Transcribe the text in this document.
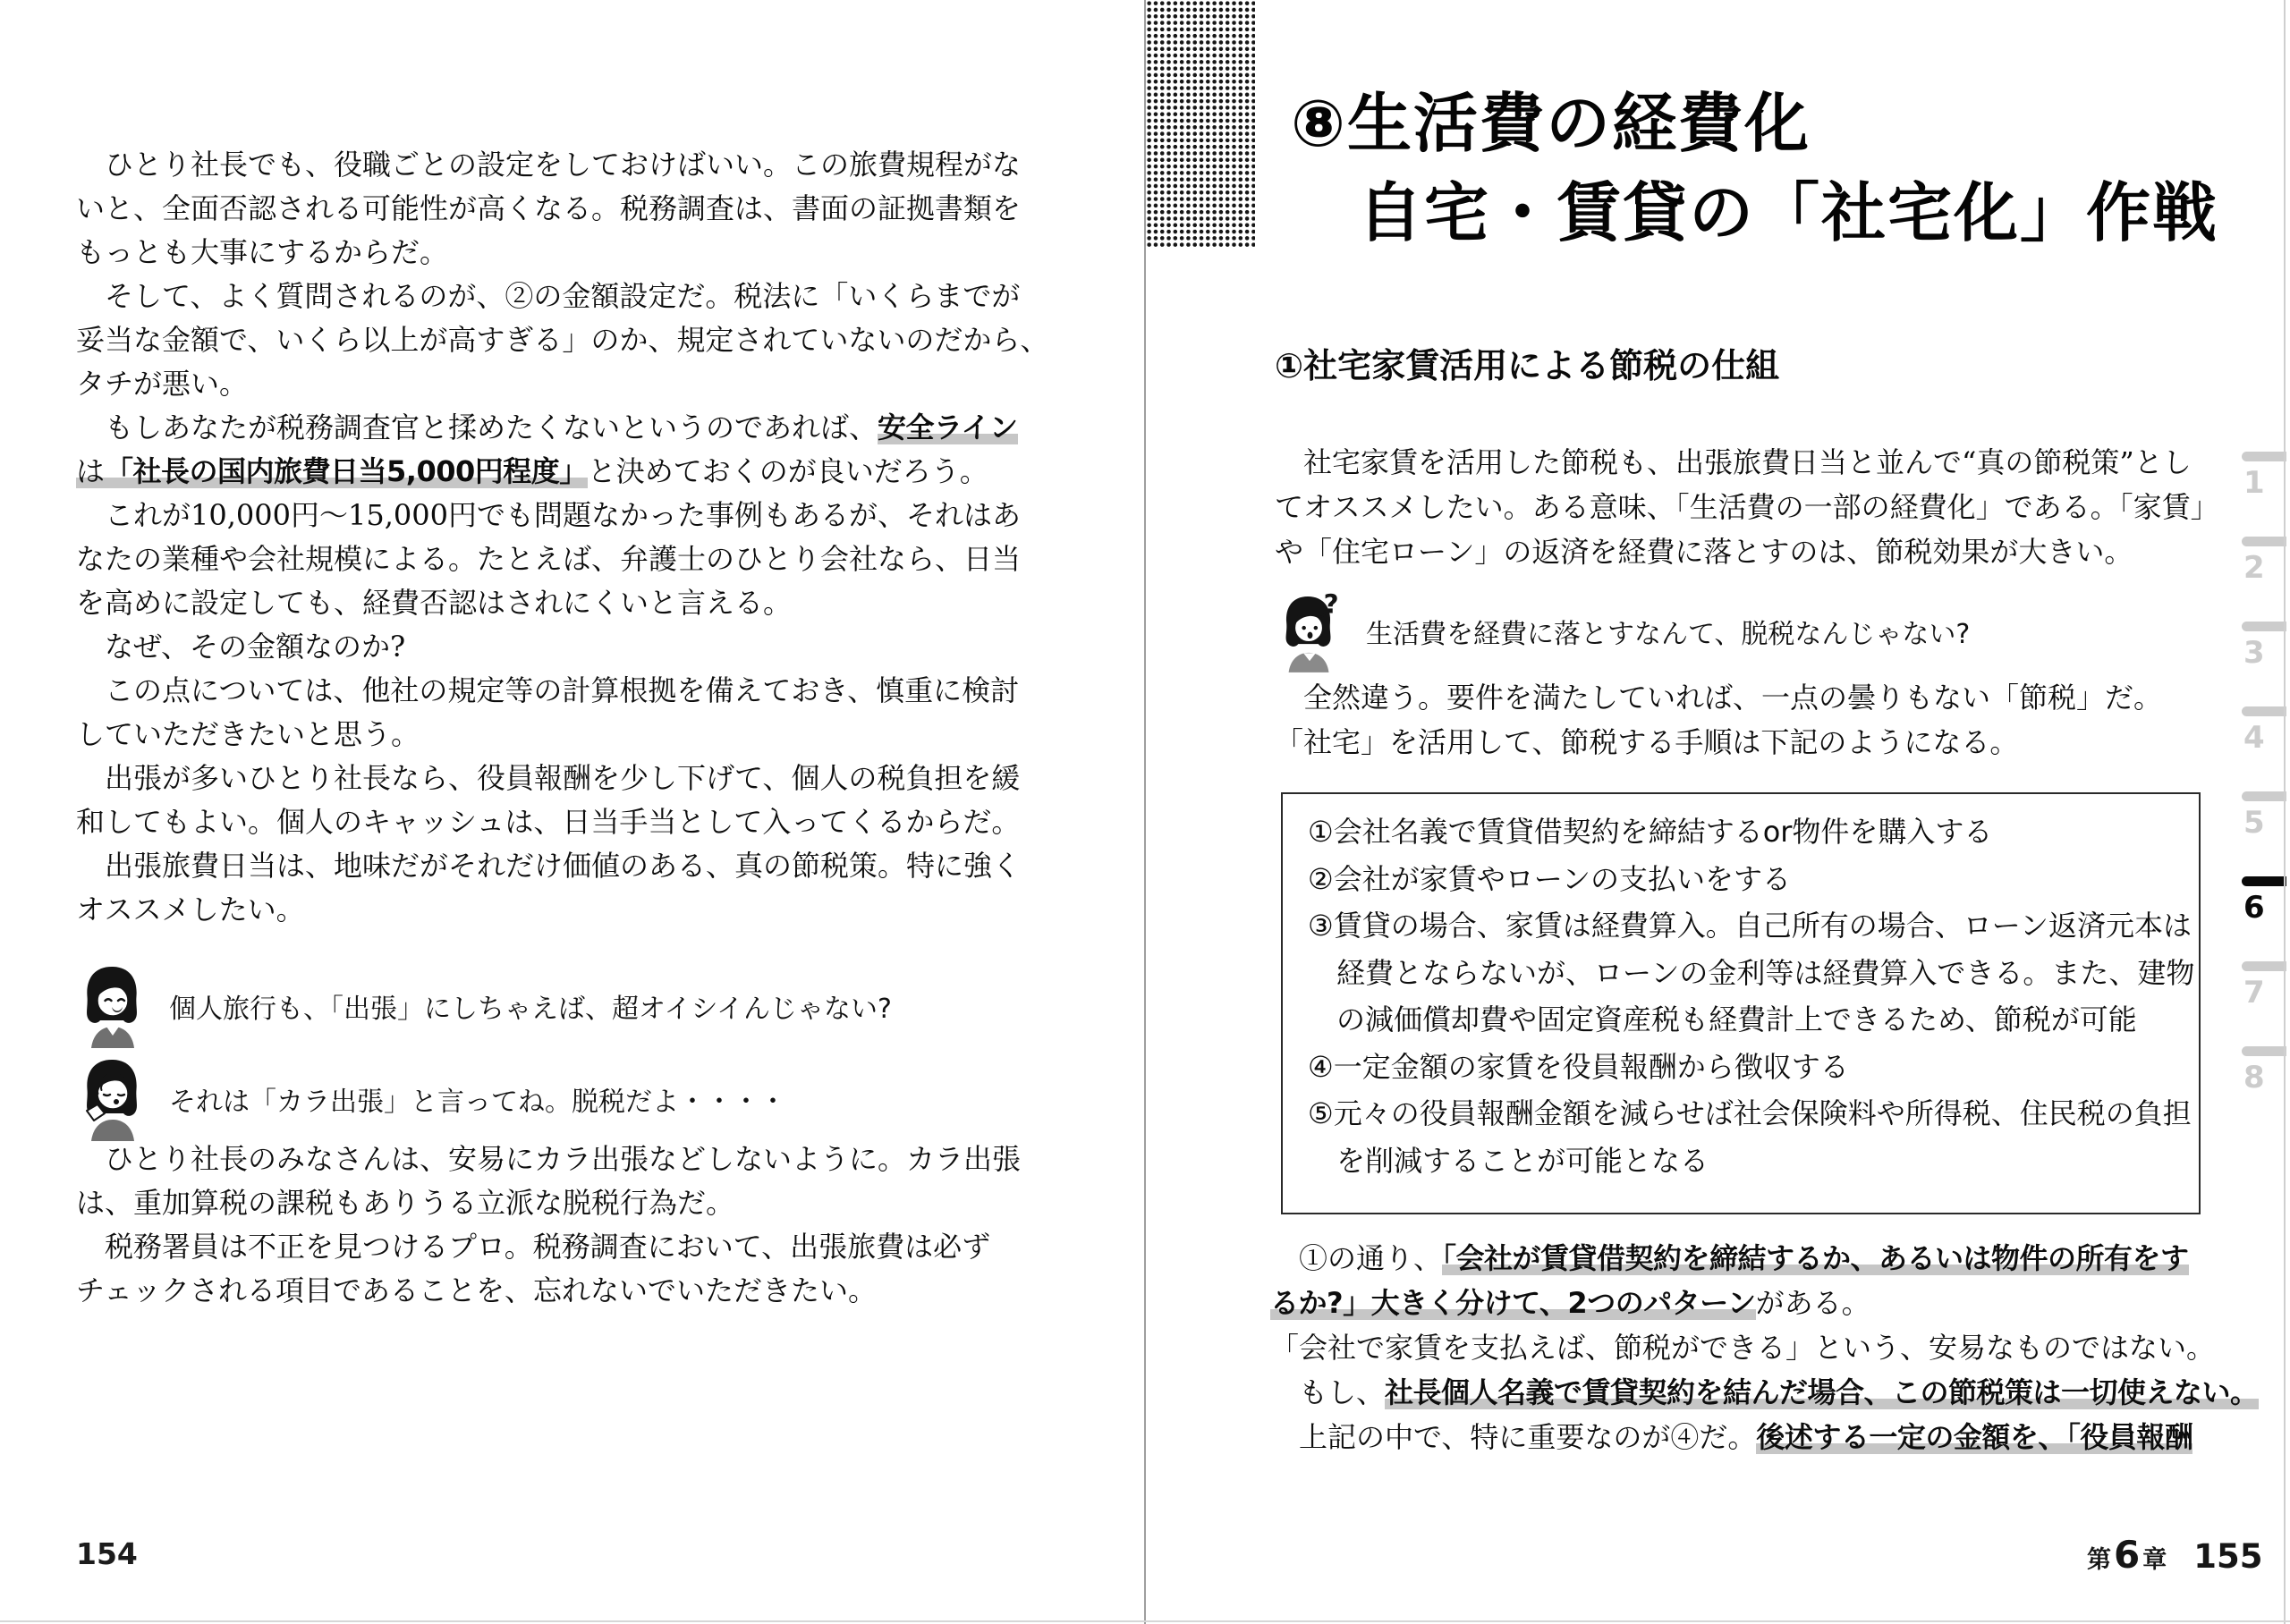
　ひとり社長でも、役職ごとの設定をしておけばいい。この旅費規程がな
いと、全面否認される可能性が高くなる。税務調査は、書面の証拠書類を
もっとも大事にするからだ。
　そして、よく質問されるのが、②の金額設定だ。税法に「いくらまでが
妥当な金額で、いくら以上が高すぎる」のか、規定されていないのだから、
タチが悪い。
　もしあなたが税務調査官と揉めたくないというのであれば、安全ライン
は「社長の国内旅費日当5,000円程度」と決めておくのが良いだろう。
　これが10,000円～15,000円でも問題なかった事例もあるが、それはあ
なたの業種や会社規模による。たとえば、弁護士のひとり会社なら、日当
を高めに設定しても、経費否認はされにくいと言える。
　なぜ、その金額なのか?
　この点については、他社の規定等の計算根拠を備えておき、慎重に検討
していただきたいと思う。
　出張が多いひとり社長なら、役員報酬を少し下げて、個人の税負担を緩
和してもよい。個人のキャッシュは、日当手当として入ってくるからだ。
　出張旅費日当は、地味だがそれだけ価値のある、真の節税策。特に強く
オススメしたい。
個人旅行も、「出張」にしちゃえば、超オイシイんじゃない?
それは「カラ出張」と言ってね。脱税だよ・・・・
　ひとり社長のみなさんは、安易にカラ出張などしないように。カラ出張
は、重加算税の課税もありうる立派な脱税行為だ。
　税務署員は不正を見つけるプロ。税務調査において、出張旅費は必ず
チェックされる項目であることを、忘れないでいただきたい。
154
⑧生活費の経費化
自宅・賃貸の「社宅化」作戦
①社宅家賃活用による節税の仕組
　社宅家賃を活用した節税も、出張旅費日当と並んで“真の節税策”とし
てオススメしたい。ある意味、「生活費の一部の経費化」である。「家賃」
や「住宅ローン」の返済を経費に落とすのは、節税効果が大きい。
?
生活費を経費に落とすなんて、脱税なんじゃない?
　全然違う。要件を満たしていれば、一点の曇りもない「節税」だ。
「社宅」を活用して、節税する手順は下記のようになる。
①会社名義で賃貸借契約を締結するor物件を購入する
②会社が家賃やローンの支払いをする
③賃貸の場合、家賃は経費算入。自己所有の場合、ローン返済元本は
　経費とならないが、ローンの金利等は経費算入できる。また、建物
　の減価償却費や固定資産税も経費計上できるため、節税が可能
④一定金額の家賃を役員報酬から徴収する
⑤元々の役員報酬金額を減らせば社会保険料や所得税、住民税の負担
　を削減することが可能となる
　①の通り、「会社が賃貸借契約を締結するか、あるいは物件の所有をす
るか?」大きく分けて、2つのパターンがある。
「会社で家賃を支払えば、節税ができる」という、安易なものではない。
　もし、社長個人名義で賃貸契約を結んだ場合、この節税策は一切使えない。
　上記の中で、特に重要なのが④だ。後述する一定の金額を、「役員報酬
第 6 章 155
1
2
3
4
5
6
7
8
